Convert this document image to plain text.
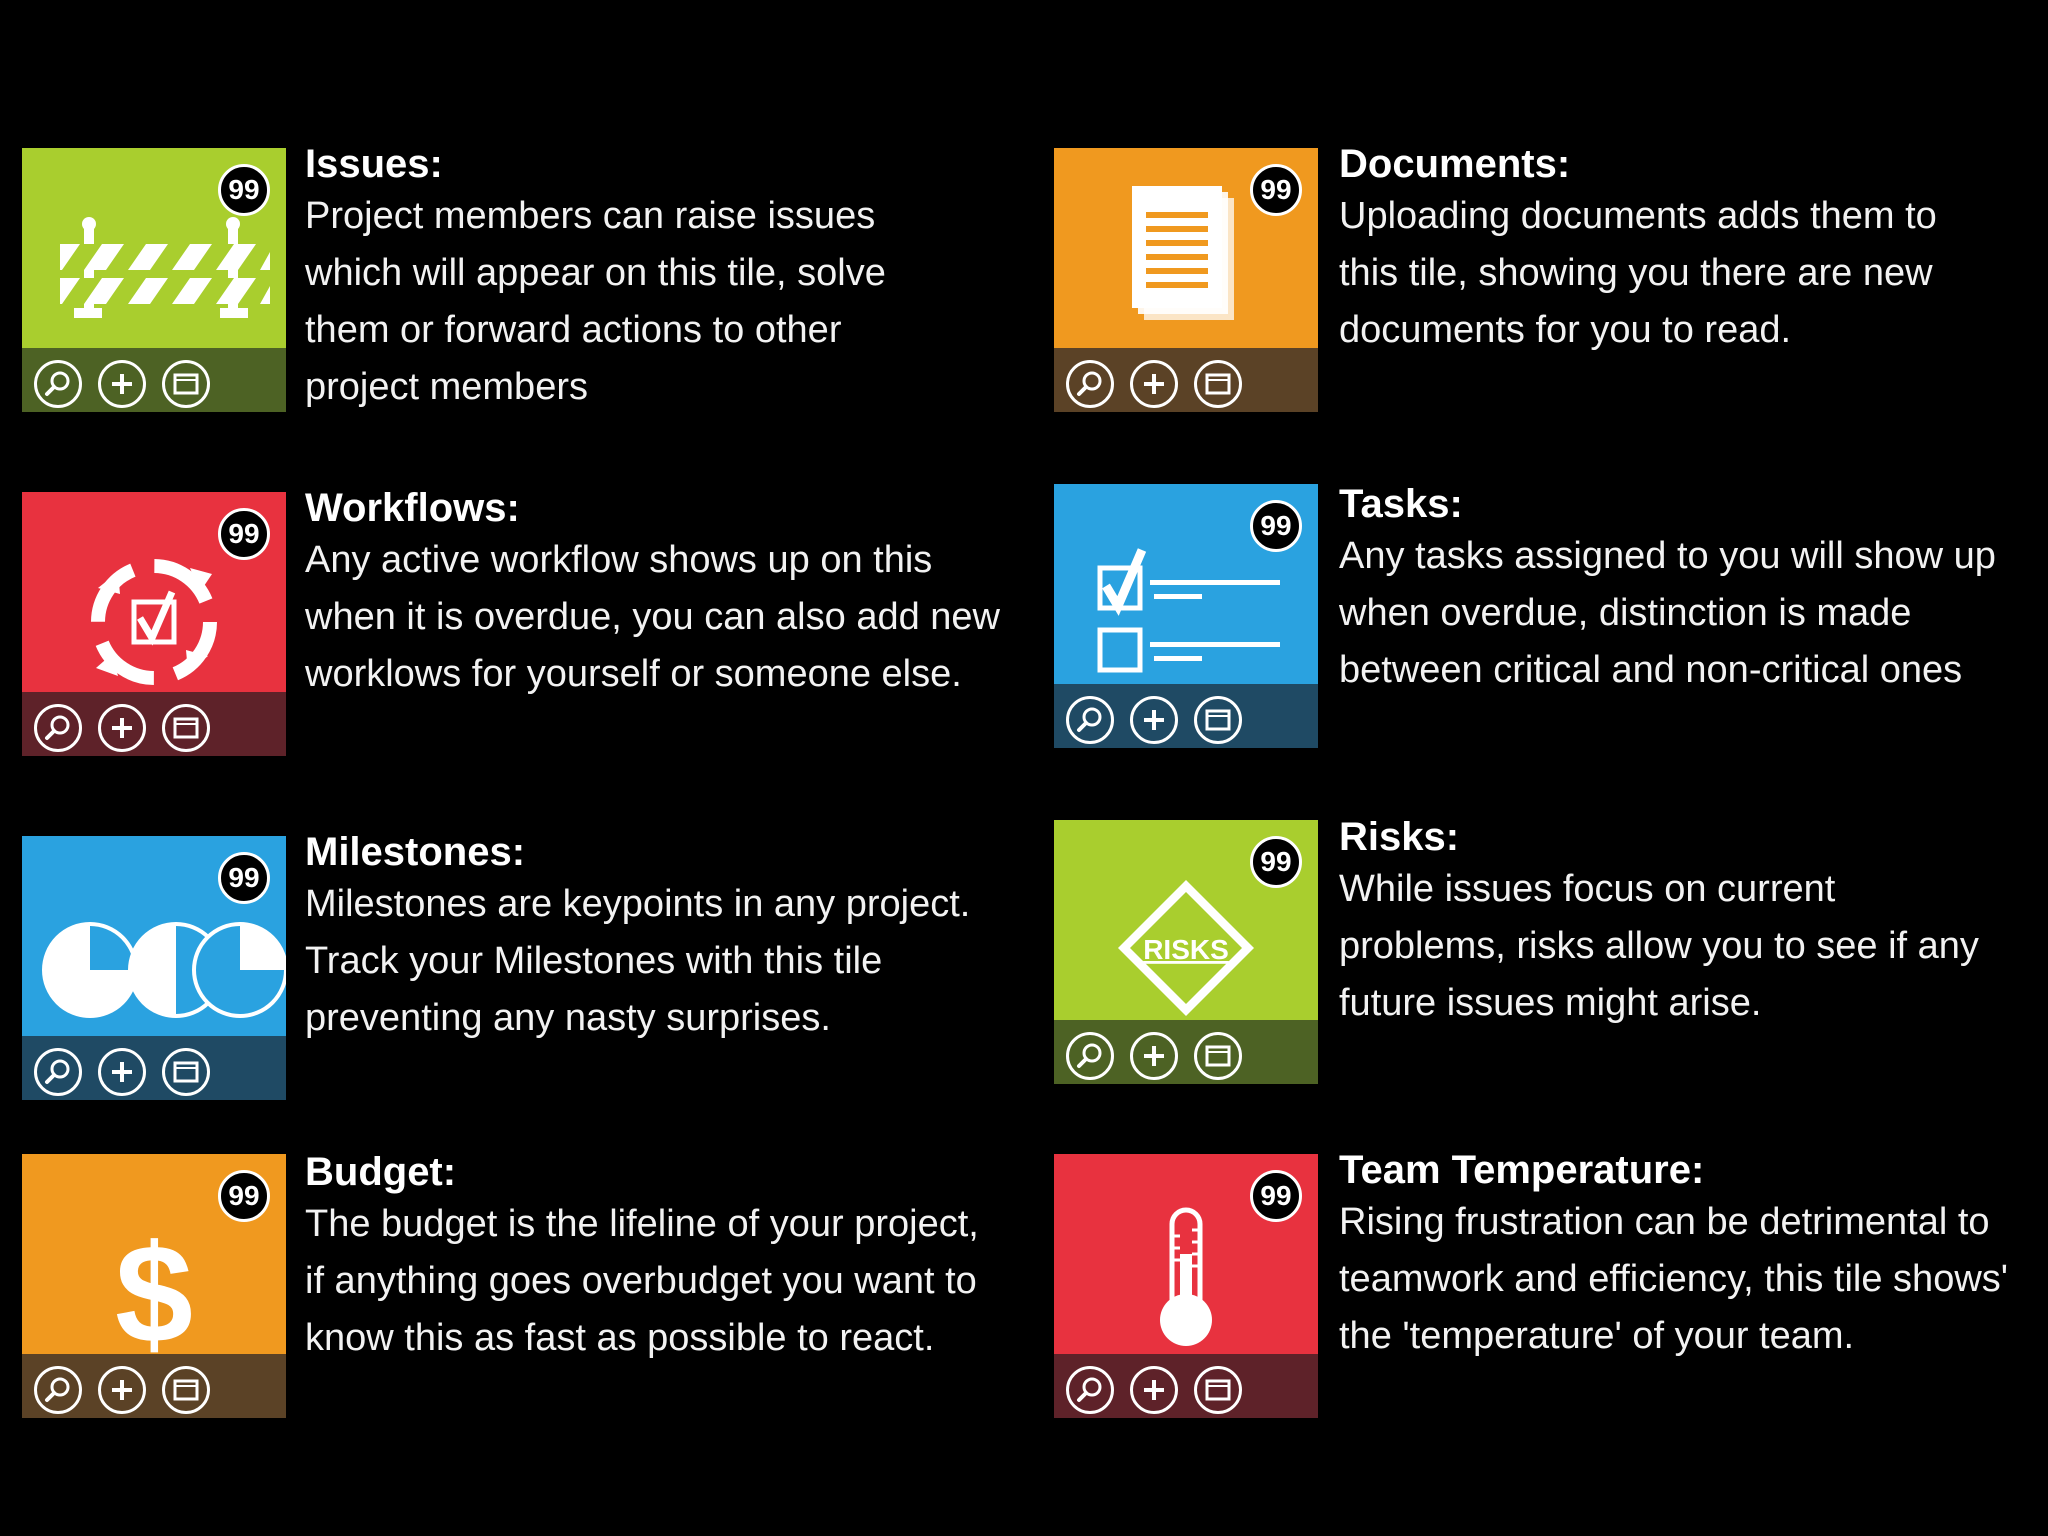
99
Issues:

Project members can raise issues which will appear on this tile, solve them or forward actions to other project members

99
Documents:

Uploading documents adds them to this tile, showing you there are new documents for you to read.

99
Workflows:

Any active workflow shows up on this when it is overdue, you can also add new worklows for yourself or someone else.

99 Tasks:

Any tasks assigned to you will show up when overdue, distinction is made between critical and non-critical ones

99
Milestones:

Milestones are keypoints in any project. Track your Milestones with this tile preventing any nasty surprises.

RISKS
99
Risks:

While issues focus on current problems, risks allow you to see if any future issues might arise.

$
99
Budget:

The budget is the lifeline of your project, if anything goes overbudget you want to know this as fast as possible to react.

99
Team Temperature:

Rising frustration can be detrimental to teamwork and efficiency, this tile shows' the 'temperature' of your team.
